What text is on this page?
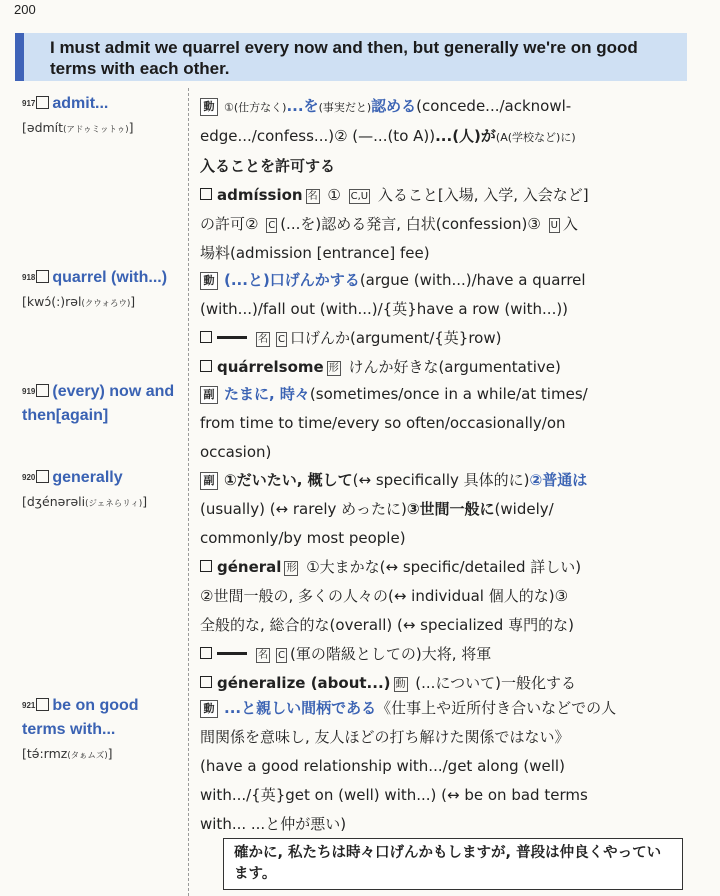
200
I must admit we quarrel every now and then, but generally we're on good terms with each other.
$^{917}$ admit...
[ədmít(アドゥミットゥ)]
動 ①(仕方なく)...を(事実だと)認める(concede.../acknowl-
edge.../confess...)② (—...(to A))...(人)が(A(学校など)に)
入ることを許可する
admíssion 名 ① C,U 入ること[入場, 入学, 入会など]
の許可② C (...を)認める発言, 白状(confession)③ U 入
場料(admission [entrance] fee)
$^{918}$ quarrel (with...)
[kwɔ́(:)rəl(クウォろウ)]
動 (...と)口げんかする(argue (with...)/have a quarrel
(with...)/fall out (with...)/{英}have a row (with...))
名 C 口げんか(argument/{英}row)
quárrelsome 形 けんか好きな(argumentative)
$^{919}$ (every) now and then[again]
副 たまに, 時々(sometimes/once in a while/at times/
from time to time/every so often/occasionally/on
occasion)
$^{920}$ generally
[dʒénərəli(ジェネらリィ)]
副 ①だいたい, 概して(↔ specifically 具体的に)②普通は
(usually) (↔ rarely めったに)③世間一般に(widely/
commonly/by most people)
géneral 形 ①大まかな(↔ specific/detailed 詳しい)
②世間一般の, 多くの人々の(↔ individual 個人的な)③
全般的な, 総合的な(overall) (↔ specialized 専門的な)
名 C (軍の階級としての)大将, 将軍
géneralize (about...) 動 (...について)一般化する
$^{921}$ be on good terms with...
[tə́:rmz(タぁムズ)]
動 ...と親しい間柄である《仕事上や近所付き合いなどでの人
間関係を意味し, 友人ほどの打ち解けた関係ではない》
(have a good relationship with.../get along (well)
with.../{英}get on (well) with...) (↔ be on bad terms
with... ...と仲が悪い)
確かに, 私たちは時々口げんかもしますが, 普段は仲良くやっています。
